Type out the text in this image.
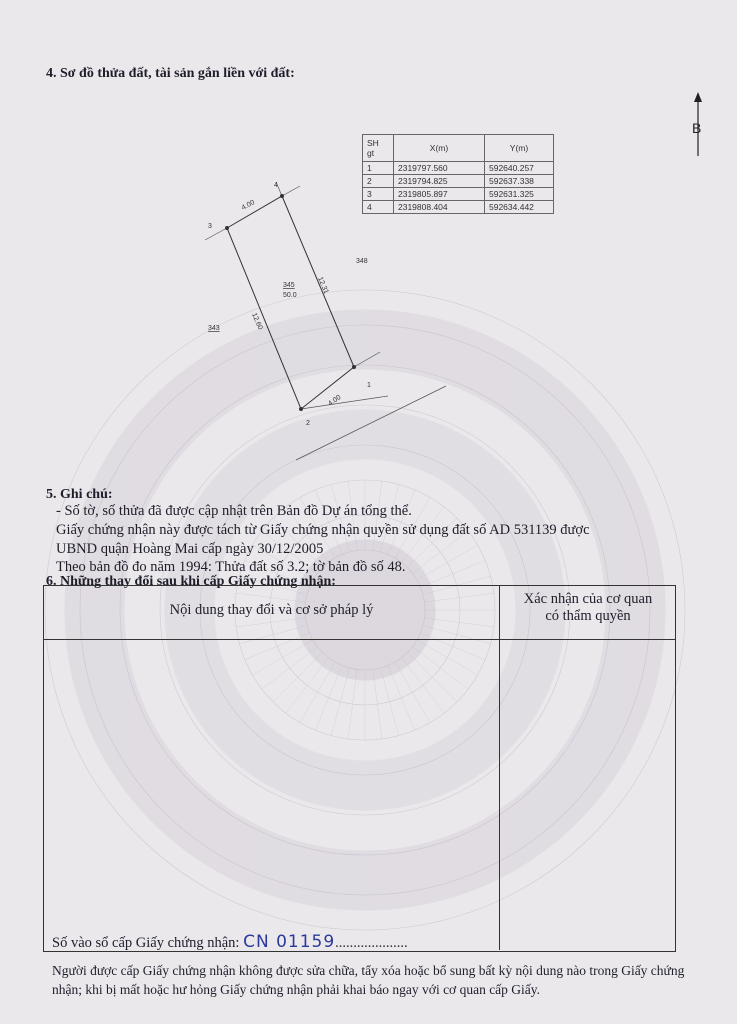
4. Sơ đồ thửa đất, tài sản gắn liền với đất:
B
SH
gt	X(m)	Y(m)
1	2319797.560	592640.257
2	2319794.825	592637.338
3	2319805.897	592631.325
4	2319808.404	592634.442
1
2
3
4
4.00
4.00
12.31
12.60
345
50.0
343
348
5. Ghi chú:
- Số tờ, số thửa đã được cập nhật trên Bản đồ Dự án tổng thể.
Giấy chứng nhận này được tách từ Giấy chứng nhận quyền sử dụng đất số AD 531139 được
UBND quận Hoàng Mai cấp ngày 30/12/2005
Theo bản đồ đo năm 1994: Thửa đất số 3.2; tờ bản đồ số 48.
6. Những thay đổi sau khi cấp Giấy chứng nhận:
Nội dung thay đổi và cơ sở pháp lý
Xác nhận của cơ quan
có thẩm quyền
Số vào sổ cấp Giấy chứng nhận: CN 01159....................
Người được cấp Giấy chứng nhận không được sửa chữa, tẩy xóa hoặc bổ sung bất kỳ nội dung nào trong Giấy chứng nhận; khi bị mất hoặc hư hỏng Giấy chứng nhận phải khai báo ngay với cơ quan cấp Giấy.
